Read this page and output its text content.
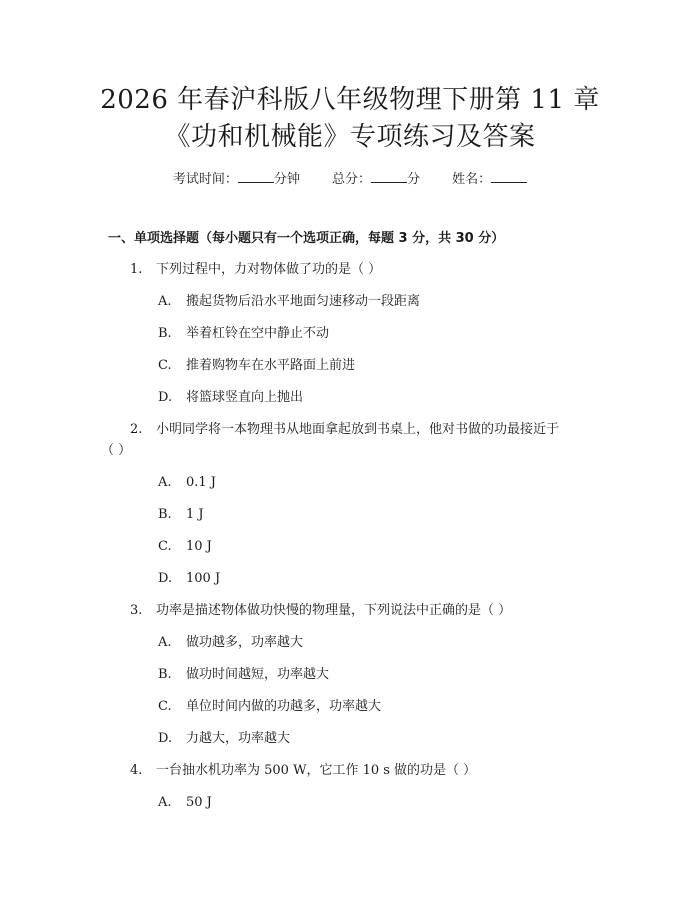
2026 年春沪科版八年级物理下册第 11 章
《功和机械能》专项练习及答案
考试时间：	分钟 总分：	分 姓名：
一、单项选择题（每小题只有一个选项正确，每题 3 分，共 30 分）
1. 下列过程中，力对物体做了功的是（ ）
A. 搬起货物后沿水平地面匀速移动一段距离
B. 举着杠铃在空中静止不动
C. 推着购物车在水平路面上前进
D. 将篮球竖直向上抛出
2. 小明同学将一本物理书从地面拿起放到书桌上，他对书做的功最接近于
（ ）
A. 0.1 J
B. 1 J
C. 10 J
D. 100 J
3. 功率是描述物体做功快慢的物理量，下列说法中正确的是（ ）
A. 做功越多，功率越大
B. 做功时间越短，功率越大
C. 单位时间内做的功越多，功率越大
D. 力越大，功率越大
4. 一台抽水机功率为 500 W，它工作 10 s 做的功是（ ）
A. 50 J
